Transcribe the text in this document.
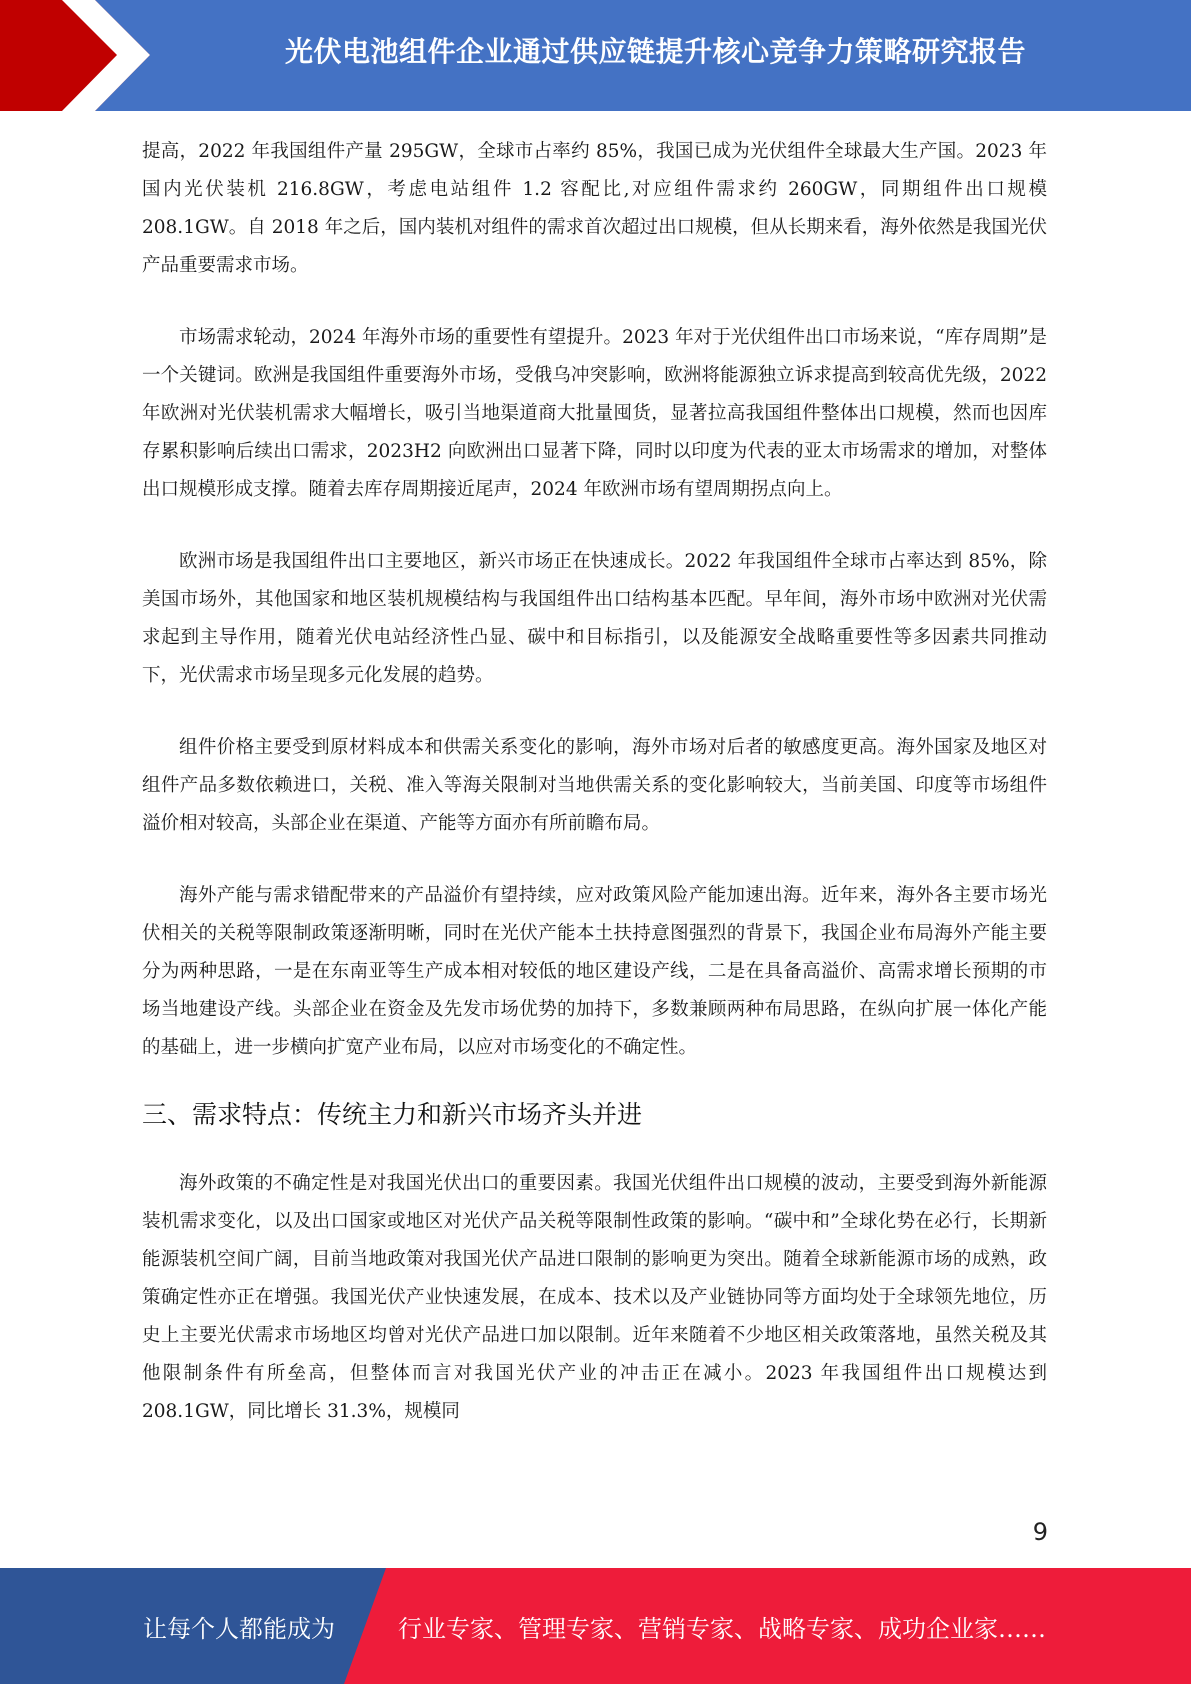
光伏电池组件企业通过供应链提升核心竞争力策略研究报告

提高，2022 年我国组件产量 295GW，全球市占率约 85%，我国已成为光伏组件全球最大生产国。2023 年国内光伏装机 216.8GW，考虑电站组件 1.2 容配比,对应组件需求约 260GW，同期组件出口规模 208.1GW。自 2018 年之后，国内装机对组件的需求首次超过出口规模，但从长期来看，海外依然是我国光伏产品重要需求市场。

市场需求轮动，2024 年海外市场的重要性有望提升。2023 年对于光伏组件出口市场来说，“库存周期”是一个关键词。欧洲是我国组件重要海外市场，受俄乌冲突影响，欧洲将能源独立诉求提高到较高优先级，2022 年欧洲对光伏装机需求大幅增长，吸引当地渠道商大批量囤货，显著拉高我国组件整体出口规模，然而也因库存累积影响后续出口需求，2023H2 向欧洲出口显著下降，同时以印度为代表的亚太市场需求的增加，对整体出口规模形成支撑。随着去库存周期接近尾声，2024 年欧洲市场有望周期拐点向上。

欧洲市场是我国组件出口主要地区，新兴市场正在快速成长。2022 年我国组件全球市占率达到 85%，除美国市场外，其他国家和地区装机规模结构与我国组件出口结构基本匹配。早年间，海外市场中欧洲对光伏需求起到主导作用，随着光伏电站经济性凸显、碳中和目标指引，以及能源安全战略重要性等多因素共同推动下，光伏需求市场呈现多元化发展的趋势。

组件价格主要受到原材料成本和供需关系变化的影响，海外市场对后者的敏感度更高。海外国家及地区对组件产品多数依赖进口，关税、准入等海关限制对当地供需关系的变化影响较大，当前美国、印度等市场组件溢价相对较高，头部企业在渠道、产能等方面亦有所前瞻布局。

海外产能与需求错配带来的产品溢价有望持续，应对政策风险产能加速出海。近年来，海外各主要市场光伏相关的关税等限制政策逐渐明晰，同时在光伏产能本土扶持意图强烈的背景下，我国企业布局海外产能主要分为两种思路，一是在东南亚等生产成本相对较低的地区建设产线，二是在具备高溢价、高需求增长预期的市场当地建设产线。头部企业在资金及先发市场优势的加持下，多数兼顾两种布局思路，在纵向扩展一体化产能的基础上，进一步横向扩宽产业布局，以应对市场变化的不确定性。

三、需求特点：传统主力和新兴市场齐头并进

海外政策的不确定性是对我国光伏出口的重要因素。我国光伏组件出口规模的波动，主要受到海外新能源装机需求变化，以及出口国家或地区对光伏产品关税等限制性政策的影响。“碳中和”全球化势在必行，长期新能源装机空间广阔，目前当地政策对我国光伏产品进口限制的影响更为突出。随着全球新能源市场的成熟，政策确定性亦正在增强。我国光伏产业快速发展，在成本、技术以及产业链协同等方面均处于全球领先地位，历史上主要光伏需求市场地区均曾对光伏产品进口加以限制。近年来随着不少地区相关政策落地，虽然关税及其他限制条件有所垒高，但整体而言对我国光伏产业的冲击正在减小。2023 年我国组件出口规模达到 208.1GW，同比增长 31.3%，规模同

9
让每个人都能成为	行业专家、管理专家、营销专家、战略专家、成功企业家……
